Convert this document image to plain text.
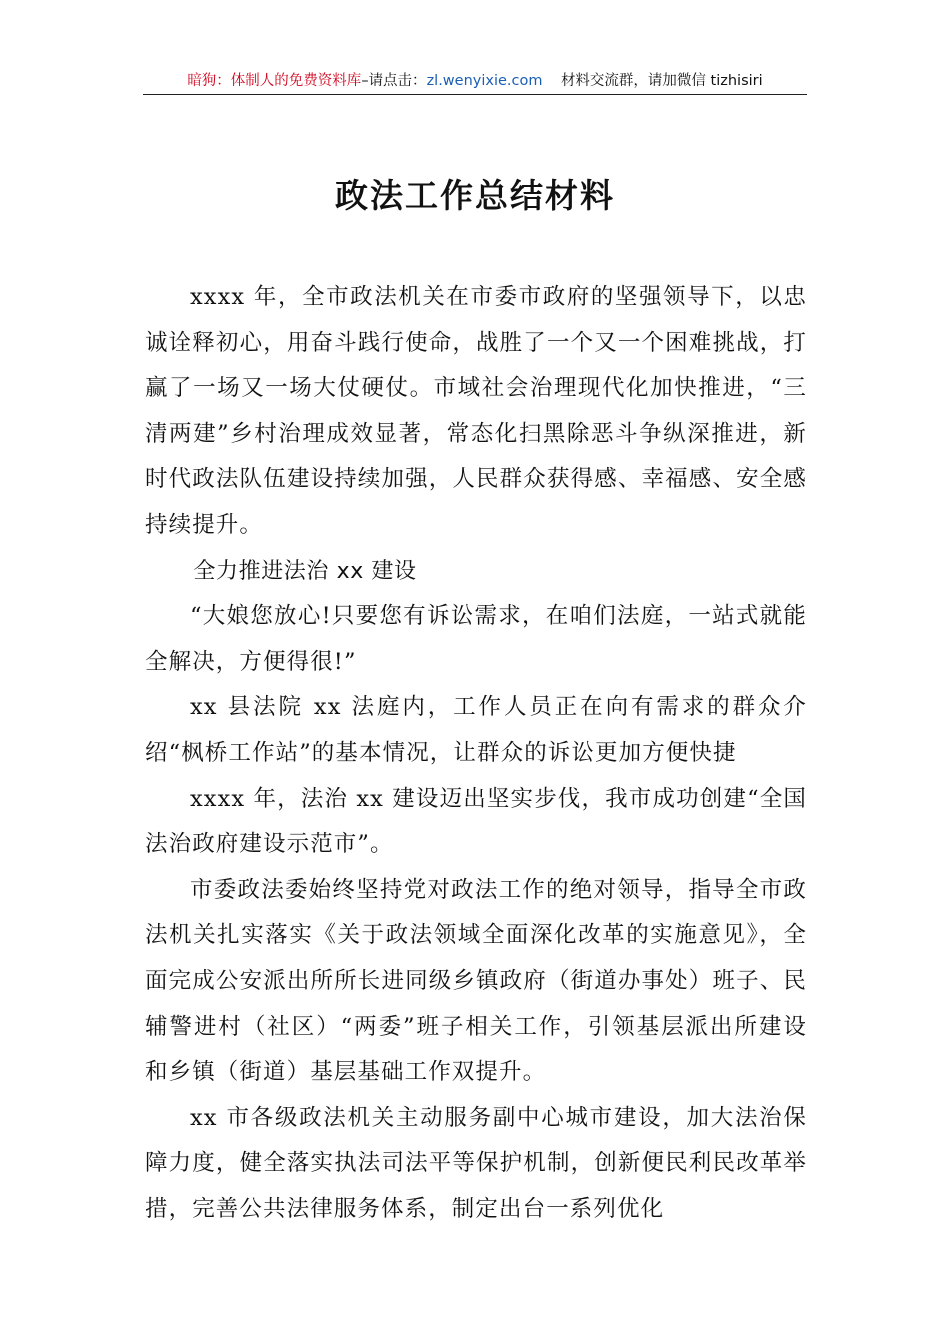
暗狗：体制人的免费资料库–请点击：zl.wenyixie.com 材料交流群，请加微信 tizhisiri
政法工作总结材料

xxxx 年，全市政法机关在市委市政府的坚强领导下，以忠诚诠释初心，用奋斗践行使命，战胜了一个又一个困难挑战，打赢了一场又一场大仗硬仗。市域社会治理现代化加快推进，“三清两建”乡村治理成效显著，常态化扫黑除恶斗争纵深推进，新时代政法队伍建设持续加强，人民群众获得感、幸福感、安全感持续提升。

全力推进法治 xx 建设

“大娘您放心!只要您有诉讼需求，在咱们法庭，一站式就能全解决，方便得很!”

xx 县法院 xx 法庭内，工作人员正在向有需求的群众介绍“枫桥工作站”的基本情况，让群众的诉讼更加方便快捷

xxxx 年，法治 xx 建设迈出坚实步伐，我市成功创建“全国法治政府建设示范市”。

市委政法委始终坚持党对政法工作的绝对领导，指导全市政法机关扎实落实《关于政法领域全面深化改革的实施意见》，全面完成公安派出所所长进同级乡镇政府（街道办事处）班子、民辅警进村（社区）“两委”班子相关工作，引领基层派出所建设和乡镇（街道）基层基础工作双提升。

xx 市各级政法机关主动服务副中心城市建设，加大法治保障力度，健全落实执法司法平等保护机制，创新便民利民改革举措，完善公共法律服务体系，制定出台一系列优化
